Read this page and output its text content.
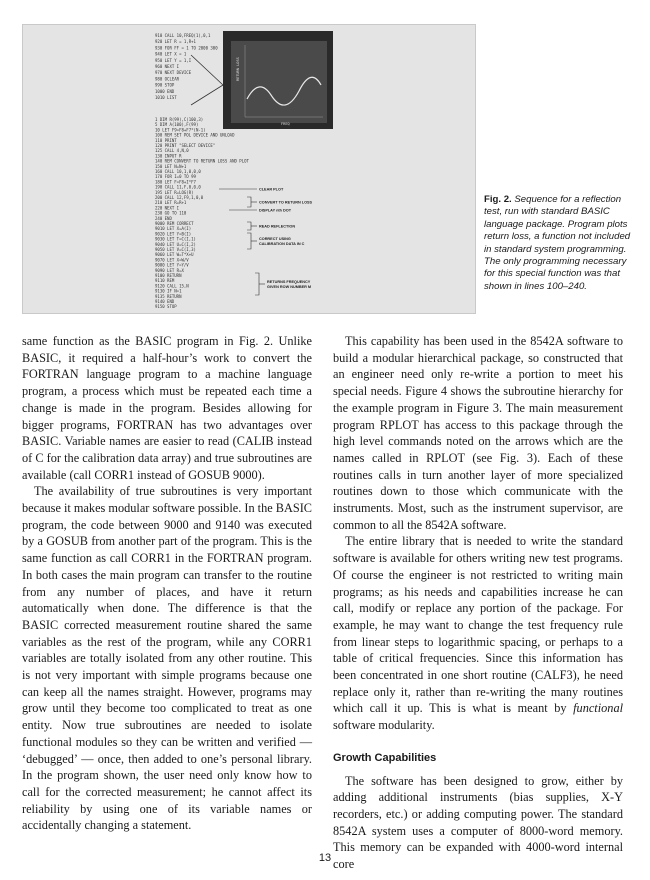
910 CALL 10,FREQ(1),0,1
920 LET R = 1,R+1
930 FOR FF = 1 TO 2000 300
940 LET X = 1
950 LET Y = 1,I
960 NEXT I
970 NEXT DEVICE
980 OCLEAR
990 STOP
1000 END
1010 LIST
1 DIM R(99),C(100,3)
5 DIM A(100),F(99)
10 LET F9=F8+F7*(N-1)
100 REM SET POL DEVICE AND UNLOAD
110 PRINT
120 PRINT "SELECT DEVICE"
125 CALL 4,N,0
130 INPUT R
140 REM CONVERT TO RETURN LOSS AND PLOT
150 LET N=N+1
160 CALL 10,1,0,0,0
170 FOR I=0 TO 99
180 LET F=F8+I*F7
190 CALL 11,F,0,0,0
195 LET R=LOG(R)
200 CALL 12,F9,1,0,0
210 LET R=R+1
220 NEXT I
230 GO TO 110
240 END
9000 REM CORRECT
9010 LET X=A(I)
9020 LET Y=B(I)
9030 LET T=C(I,1)
9040 LET U=C(I,2)
9050 LET V=C(I,3)
9060 LET W=T*X+U
9070 LET X=W/V
9080 LET Y=Y/V
9090 LET R=X
9100 RETURN
9110 REM
9120 CALL 15,N
9130 IF N=1
9135 RETURN
9140 END
9150 STOP
RETURN LOSS
FREQ
CLEAR PLOT
CONVERT TO RETURN LOSS
DISPLAY nth DOT
READ REFLECTION
CORRECT USING
CALIBRATION DATA IN C
RETURNS FREQUENCY
GIVEN ROW NUMBER M
Fig. 2. Sequence for a reflection test, run with standard BASIC language package. Program plots return loss, a function not included in standard system programming. The only programming necessary for this special function was that shown in lines 100–240.

same function as the BASIC program in Fig. 2. Unlike BASIC, it required a half-hour’s work to convert the FORTRAN language program to a machine language program, a process which must be repeated each time a change is made in the program. Besides allowing for bigger programs, FORTRAN has two advantages over BASIC. Variable names are easier to read (CALIB instead of C for the calibration data array) and true subroutines are available (call CORR1 instead of GOSUB 9000).

The availability of true subroutines is very important because it makes modular software possible. In the BASIC program, the code between 9000 and 9140 was executed by a GOSUB from another part of the program. This is the same function as call CORR1 in the FORTRAN program. In both cases the main program can transfer to the routine from any number of places, and have it return automatically when done. The difference is that the BASIC corrected measurement routine shared the same variables as the rest of the program, while any CORR1 variables are totally isolated from any other routine. This is not very important with simple programs because one can keep all the names straight. However, programs may grow until they become too complicated to treat as one entity. Now true subroutines are needed to isolate functional modules so they can be written and verified — ‘debugged’ — once, then added to one’s personal library. In the program shown, the user need only know how to call for the corrected measurement; he cannot affect its reliability by using one of its variable names or accidentally changing a statement.

This capability has been used in the 8542A software to build a modular hierarchical package, so constructed that an engineer need only re-write a portion to meet his special needs. Figure 4 shows the subroutine hierarchy for the example program in Figure 3. The main measurement program RPLOT has access to this package through the high level commands noted on the arrows which are the names called in RPLOT (see Fig. 3). Each of these routines calls in turn another layer of more specialized routines down to those which communicate with the instruments. Most, such as the instrument supervisor, are common to all the 8542A software.

The entire library that is needed to write the standard software is available for others writing new test programs. Of course the engineer is not restricted to writing main programs; as his needs and capabilities increase he can call, modify or replace any portion of the package. For example, he may want to change the test frequency rule from linear steps to logarithmic spacing, or perhaps to a table of critical frequencies. Since this information has been concentrated in one short routine (CALF3), he need replace only it, rather than re-writing the many routines which call it up. This is what is meant by functional software modularity.

Growth Capabilities

The software has been designed to grow, either by adding additional instruments (bias supplies, X-Y recorders, etc.) or adding computing power. The standard 8542A system uses a computer of 8000-word memory. This memory can be expanded with 4000-word internal core

13
